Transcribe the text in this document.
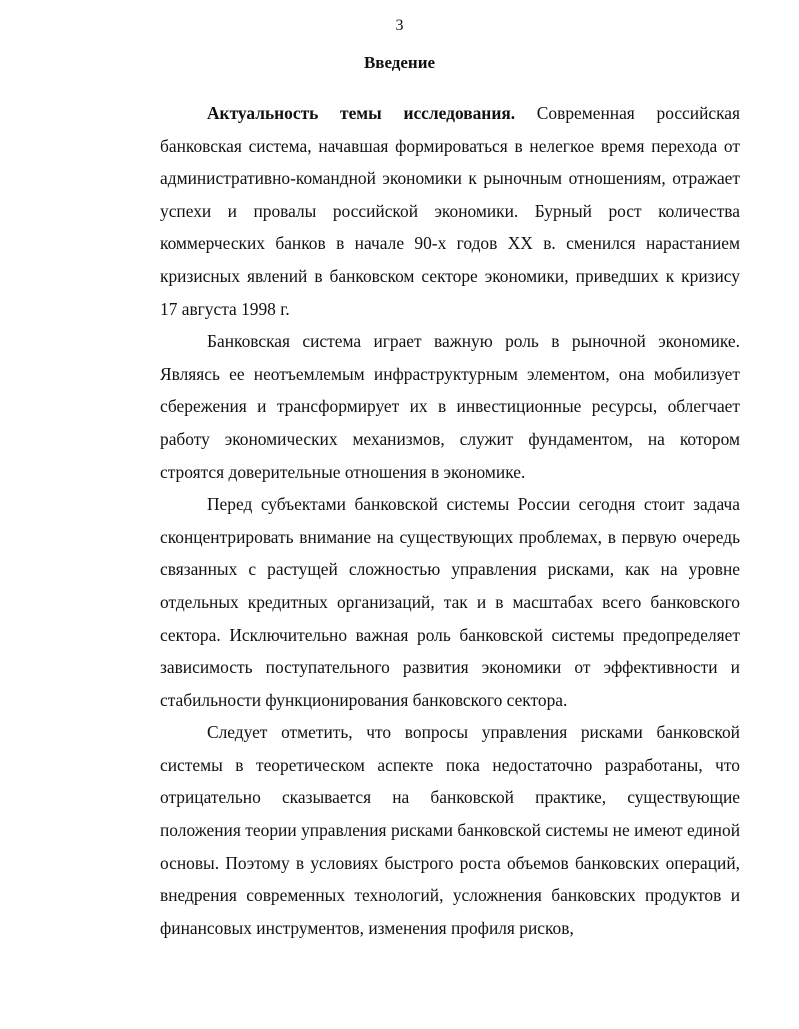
3
Введение

Актуальность темы исследования. Современная российская банковская система, начавшая формироваться в нелегкое время перехода от административно-командной экономики к рыночным отношениям, отражает успехи и провалы российской экономики. Бурный рост количества коммерческих банков в начале 90-х годов XX в. сменился нарастанием кризисных явлений в банковском секторе экономики, приведших к кризису 17 августа 1998 г.

Банковская система играет важную роль в рыночной экономике. Являясь ее неотъемлемым инфраструктурным элементом, она мобилизует сбережения и трансформирует их в инвестиционные ресурсы, облегчает работу экономических механизмов, служит фундаментом, на котором строятся доверительные отношения в экономике.

Перед субъектами банковской системы России сегодня стоит задача сконцентрировать внимание на существующих проблемах, в первую очередь связанных с растущей сложностью управления рисками, как на уровне отдельных кредитных организаций, так и в масштабах всего банковского сектора. Исключительно важная роль банковской системы предопределяет зависимость поступательного развития экономики от эффективности и стабильности функционирования банковского сектора.

Следует отметить, что вопросы управления рисками банковской системы в теоретическом аспекте пока недостаточно разработаны, что отрицательно сказывается на банковской практике, существующие положения теории управления рисками банковской системы не имеют единой основы. Поэтому в условиях быстрого роста объемов банковских операций, внедрения современных технологий, усложнения банковских продуктов и финансовых инструментов, изменения профиля рисков,
